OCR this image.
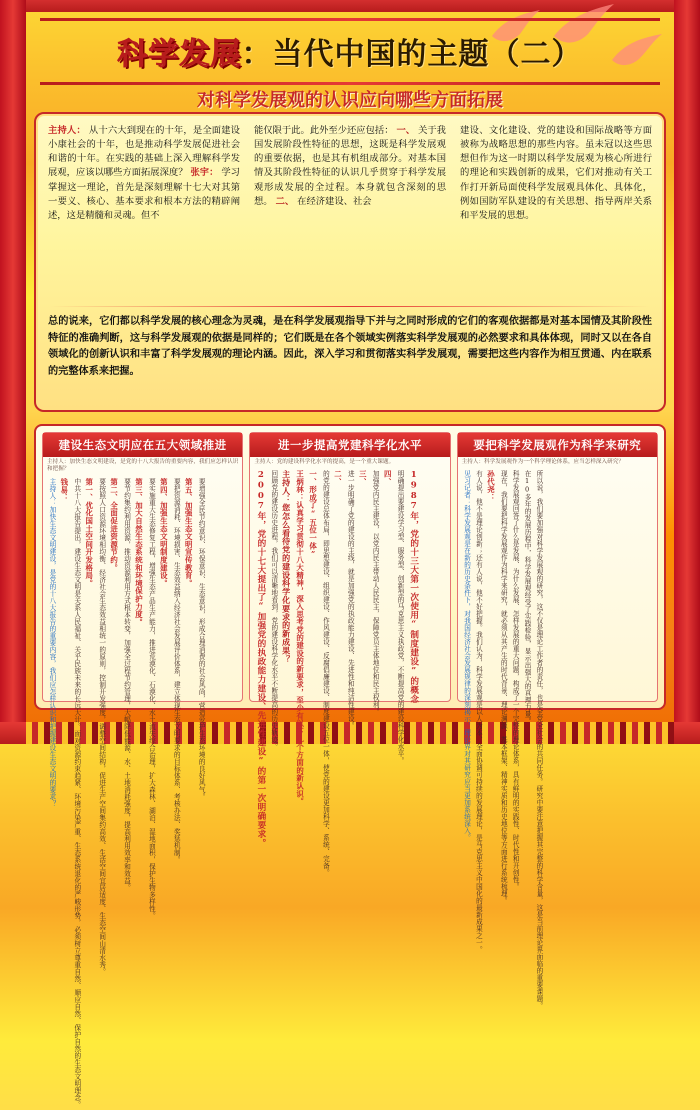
科学发展：当代中国的主题（二）
对科学发展观的认识应向哪些方面拓展
主持人： 从十六大到现在的十年，是全面建设小康社会的十年，也是推动科学发展促进社会和谐的十年。在实践的基础上深入理解科学发展观，应该以哪些方面拓展深度？ 张宇： 学习掌握这一理论，首先是深刻理解十七大对其第一要义、核心、基本要求和根本方法的精辟阐述，这是精髓和灵魂。但不
能仅限于此。此外至少还应包括： 一、 关于我国发展阶段性特征的思想，这既是科学发展观的重要依据，也是其有机组成部分。对基本国情及其阶段性特征的认识几乎贯穿于科学发展观形成发展的全过程。本身就包含深刻的思想。 二、 在经济建设、社会
建设、文化建设、党的建设和国际战略等方面被称为战略思想的那些内容。虽未冠以这些思想但作为这一时期以科学发展观为核心所进行的理论和实践创新的成果，它们对推动有关工作打开新局面使科学发展观具体化、具体化，例如国防军队建设的有关思想、指导两岸关系和平发展的思想。
总的说来，它们都以科学发展的核心理念为灵魂，是在科学发展观指导下并与之同时形成的它们的客观依据都是对基本国情及其阶段性特征的准确判断，这与科学发展观的依据是同样的；它们既是在各个领域实例落实科学发展观的必然要求和具体体现，同时又以在各自领域化的创新认识和丰富了科学发展观的理论内涵。因此，深入学习和贯彻落实科学发展观，需要把这些内容作为相互贯通、内在联系的完整体系来把握。
建设生态文明应在五大领域推进
主持人：加快生态文明建设，是党的十八大报告的重要内容，我们应怎样认识和把握？
主持人：加快生态文明建设，是党的十八大报告的重要内容，我们应怎样认识和把握建设生态文明的要求？ 钱易： 中共十八大报告提出，建设生态文明是关系人民福祉、关乎民族未来的长远大计。面对资源约束趋紧、环境污染严重、生态系统退化的严峻形势，必须树立尊重自然、顺应自然、保护自然的生态文明理念。 第一、优化国土空间开发格局。 要按照人口资源环境相均衡、经济社会生态效益相统一的原则，控制开发强度，调整空间结构，促进生产空间集约高效、生活空间宜居适度、生态空间山清水秀。 第二、全面促进资源节约。 要节约集约利用资源，推动资源利用方式根本转变，加强全过程节约管理，大幅降低能源、水、土地消耗强度，提高利用效率和效益。 第三、加大自然生态系统和环境保护力度。 要实施重大生态修复工程，增强生态产品生产能力，推进荒漠化、石漠化、水土流失综合治理，扩大森林、湖泊、湿地面积，保护生物多样性。 第四、加强生态文明制度建设。 要把资源消耗、环境损害、生态效益纳入经济社会发展评价体系，建立体现生态文明要求的目标体系、考核办法、奖惩机制。 第五、加强生态文明宣传教育。 要增强全民节约意识、环保意识、生态意识，形成合理消费的社会风尚，营造爱护生态环境的良好风气。
进一步提高党建科学化水平
主持人：党的建设科学化水平的提高，是一个重大课题。
2007年，党的十七大提出了“加强党的执政能力建设、先进性建设”的第一次明确要求。 回顾党的建设历史进程，我们可以清晰地看到，党的建设科学化水平不断提高的历史轨迹。 主持人：您怎么看待党的建设科学化要求的新成果？ 王炳林：认真学习贯彻十八大精神，深入思考党的建设的新要求，至少有以下几个方面的新认识。 一、形成了“五位一体” 的党的建设总体布局，即思想建设、组织建设、作风建设、反腐倡廉建设、制度建设五位一体，使党的建设更加科学、系统、完备。 二、 进一步明确了党的建设的主线，就是加强党的执政能力建设、先进性和纯洁性建设。 三、 加强党内民主建设，以党内民主带动人民民主，保障党员主体地位和民主权利。 四、 明确提出要建设学习型、服务型、创新型的马克思主义执政党，不断提高党的建设科学化水平。 1987年，党的十三大第一次使用“制度建设”的概念
要把科学发展观作为科学来研究
主持人：科学发展观作为一个科学理论体系，应当怎样深入研究？
见习记者：科学发展观是在新的历史条件下，对我国经济社会发展规律的深刻揭示，理论界对其研究应当更加系统深入。 有人说，他不是理论创新；还有人说，他不好把握。我们认为，科学发展观是以人为本、全面协调可持续的发展理论，是马克思主义中国化的最新成果之一。 孙代尧： 现在，我们要把科学发展观作为科学来研究，就必须从其产生的时代背景、理论渊源、基本框架、精神实质和历史地位等方面进行系统梳理。 科学发展观回答了什么是发展、为什么发展、怎样发展的重大问题，构成了一个完整的理论体系，具有鲜明的实践性、时代性和开创性。 在10多年的发展历程中，科学发展观经受了实践检验，显示出强大的真理力量。 所以说，我们要加强对科学发展观的研究，这不仅是理论工作者的责任，也是全党全社会的共同任务。研究中要注意把握其完整的科学含量，这是当前理论界面临的重要课题。
